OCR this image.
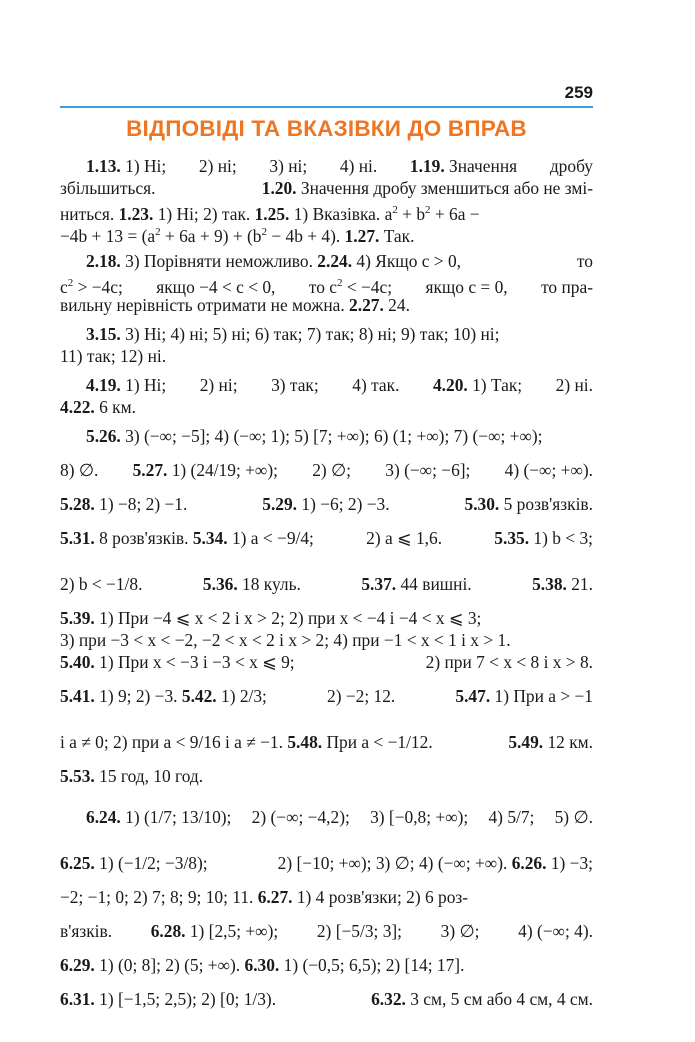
259
ВІДПОВІДІ ТА ВКАЗІВКИ ДО ВПРАВ
1.13. 1) Ні; 2) ні; 3) ні; 4) ні. 1.19. Значення дробу
збільшиться.	1.20. Значення дробу зменшиться або не змі-
ниться. 1.23. 1) Ні; 2) так. 1.25. 1) Вказівка. $a^2 + b^2 + 6a$ −
$-4b + 13 = (a^2 + 6a + 9) + (b^2 - 4b + 4)$. 1.27. Так.
2.18. 3) Порівняти неможливо. 2.24. 4) Якщо c > 0,	то
$c^2 > -4c$; якщо −4 < c < 0, то $c^2 < -4c$; якщо c = 0, то пра-
вильну нерівність отримати не можна. 2.27. 24.
3.15. 3) Ні; 4) ні; 5) ні; 6) так; 7) так; 8) ні; 9) так; 10) ні;
11) так; 12) ні.
4.19. 1) Ні; 2) ні; 3) так; 4) так. 4.20. 1) Так; 2) ні.
4.22. 6 км.
5.26. 3) (−∞; −5]; 4) (−∞; 1); 5) [7; +∞); 6) (1; +∞); 7) (−∞; +∞);
8) ∅. 5.27. 1) (24/19; +∞); 2) ∅; 3) (−∞; −6]; 4) (−∞; +∞).
5.28. 1) −8; 2) −1.	5.29. 1) −6; 2) −3.	5.30. 5 розв'язків.
5.31. 8 розв'язків. 5.34. 1) a < −9/4;	2) a ⩽ 1,6.	5.35. 1) b < 3;
2) b < −1/8.	5.36. 18 куль.	5.37. 44 вишні.	5.38. 21.
5.39. 1) При −4 ⩽ x < 2 і x > 2; 2) при x < −4 і −4 < x ⩽ 3;
3) при −3 < x < −2, −2 < x < 2 і x > 2; 4) при −1 < x < 1 і x > 1.
5.40. 1) При x < −3 і −3 < x ⩽ 9;	2) при 7 < x < 8 і x > 8.
5.41. 1) 9; 2) −3. 5.42. 1) 2/3;	2) −2; 12.	5.47. 1) При a > −1
і a ≠ 0; 2) при a < 9/16 і a ≠ −1. 5.48. При a < −1/12.	5.49. 12 км.
5.53. 15 год, 10 год.
6.24. 1) (1/7; 13/10); 2) (−∞; −4,2); 3) [−0,8; +∞); 4) 5/7; 5) ∅.
6.25. 1) (−1/2; −3/8);	2) [−10; +∞); 3) ∅; 4) (−∞; +∞). 6.26. 1) −3;
−2; −1; 0; 2) 7; 8; 9; 10; 11. 6.27. 1) 4 розв'язки; 2) 6 роз-
в'язків. 6.28. 1) [2,5; +∞); 2) [−5/3; 3]; 3) ∅; 4) (−∞; 4).
6.29. 1) (0; 8]; 2) (5; +∞). 6.30. 1) (−0,5; 6,5); 2) [14; 17].
6.31. 1) [−1,5; 2,5); 2) [0; 1/3).	6.32. 3 см, 5 см або 4 см, 4 см.
